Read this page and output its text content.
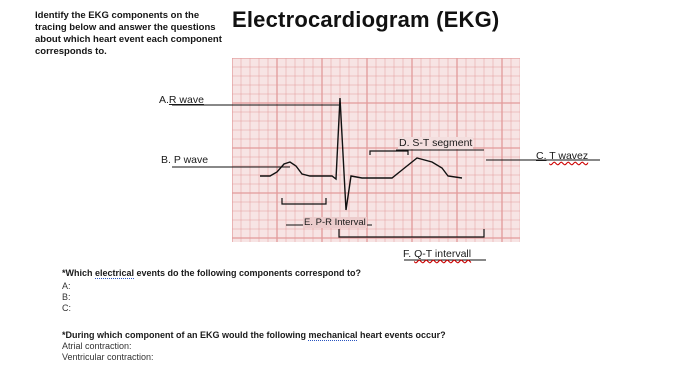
Identify the EKG components on the tracing below and answer the questions about which heart event each component corresponds to.
Electrocardiogram (EKG)
A.R wave
B. P wave	C. T wavez
D. S-T segment
E. P-R Interval
F. Q-T intervall
*Which electrical events do the following components correspond to?
A:
B:
C:
*During which component of an EKG would the following mechanical heart events occur?
Atrial contraction:
Ventricular contraction:
